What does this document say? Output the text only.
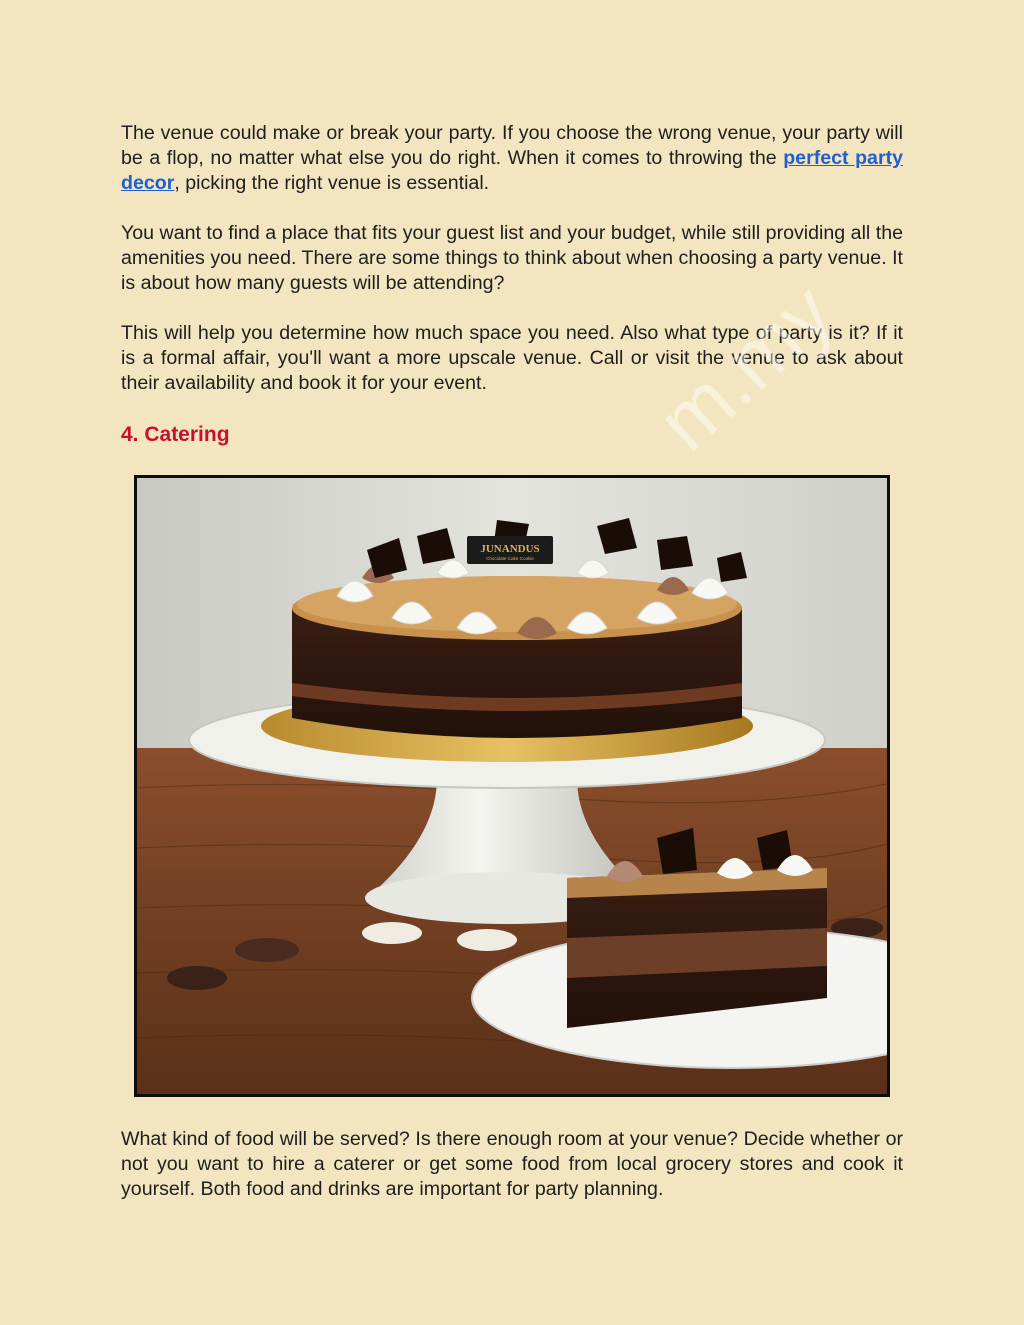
The venue could make or break your party. If you choose the wrong venue, your party will be a flop, no matter what else you do right. When it comes to throwing the perfect party decor, picking the right venue is essential.

You want to find a place that fits your guest list and your budget, while still providing all the amenities you need. There are some things to think about when choosing a party venue. It is about how many guests will be attending?

This will help you determine how much space you need. Also what type of party is it? If it is a formal affair, you'll want a more upscale venue. Call or visit the venue to ask about their availability and book it for your event.	m.my
4. Catering
JUNANDUS
Chocolate·Cake·Cookie

What kind of food will be served? Is there enough room at your venue? Decide whether or not you want to hire a caterer or get some food from local grocery stores and cook it yourself. Both food and drinks are important for party planning.
